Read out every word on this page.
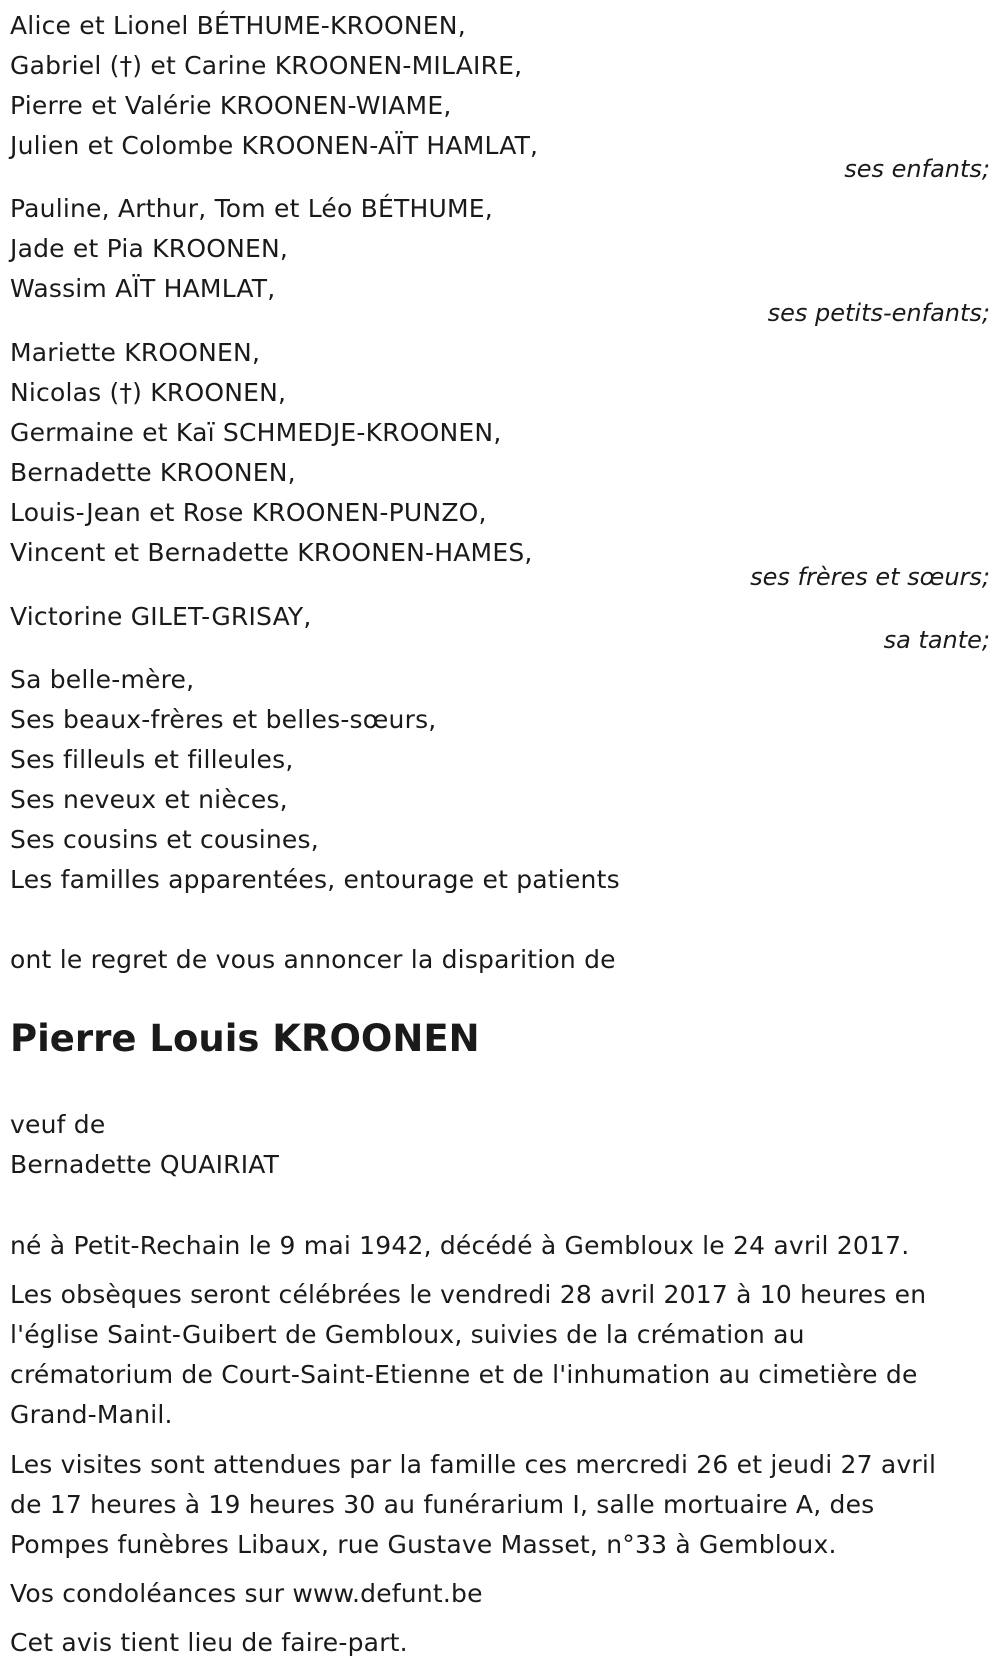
Alice et Lionel BÉTHUME-KROONEN,
Gabriel (†) et Carine KROONEN-MILAIRE,
Pierre et Valérie KROONEN-WIAME,
Julien et Colombe KROONEN-AÏT HAMLAT,
ses enfants;
Pauline, Arthur, Tom et Léo BÉTHUME,
Jade et Pia KROONEN,
Wassim AÏT HAMLAT,
ses petits-enfants;
Mariette KROONEN,
Nicolas (†) KROONEN,
Germaine et Kaï SCHMEDJE-KROONEN,
Bernadette KROONEN,
Louis-Jean et Rose KROONEN-PUNZO,
Vincent et Bernadette KROONEN-HAMES,
ses frères et sœurs;
Victorine GILET-GRISAY,
sa tante;
Sa belle-mère,
Ses beaux-frères et belles-sœurs,
Ses filleuls et filleules,
Ses neveux et nièces,
Ses cousins et cousines,
Les familles apparentées, entourage et patients
ont le regret de vous annoncer la disparition de
Pierre Louis KROONEN
veuf de
Bernadette QUAIRIAT
né à Petit-Rechain le 9 mai 1942, décédé à Gembloux le 24 avril 2017.
Les obsèques seront célébrées le vendredi 28 avril 2017 à 10 heures en l'église Saint-Guibert de Gembloux, suivies de la crémation au crématorium de Court-Saint-Etienne et de l'inhumation au cimetière de Grand-Manil.
Les visites sont attendues par la famille ces mercredi 26 et jeudi 27 avril de 17 heures à 19 heures 30 au funérarium I, salle mortuaire A, des Pompes funèbres Libaux, rue Gustave Masset, n°33 à Gembloux.
Vos condoléances sur www.defunt.be
Cet avis tient lieu de faire-part.
